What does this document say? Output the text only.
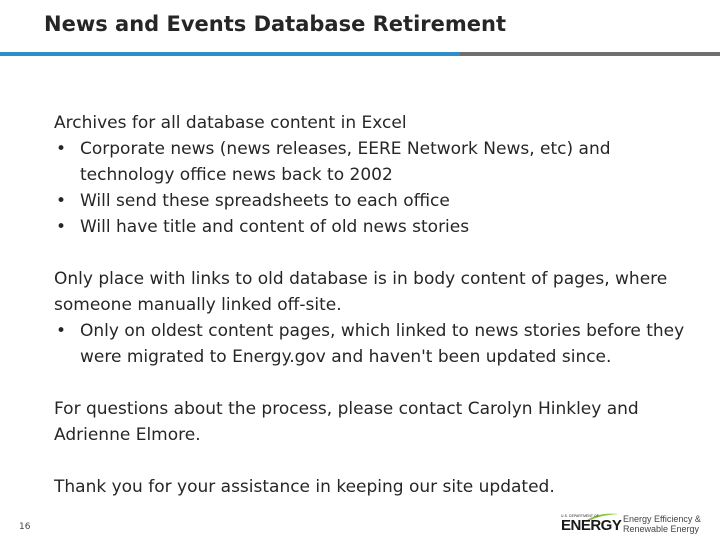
News and Events Database Retirement

Archives for all database content in Excel

• Corporate news (news releases, EERE Network News, etc) and technology office news back to 2002
• Will send these spreadsheets to each office
• Will have title and content of old news stories

Only place with links to old database is in body content of pages, where someone manually linked off-site.

• Only on oldest content pages, which linked to news stories before they were migrated to Energy.gov and haven't been updated since.

For questions about the process, please contact Carolyn Hinkley and Adrienne Elmore.

Thank you for your assistance in keeping our site updated.

16
U.S. DEPARTMENT OF
ENERGY Energy Efficiency &
Renewable Energy
